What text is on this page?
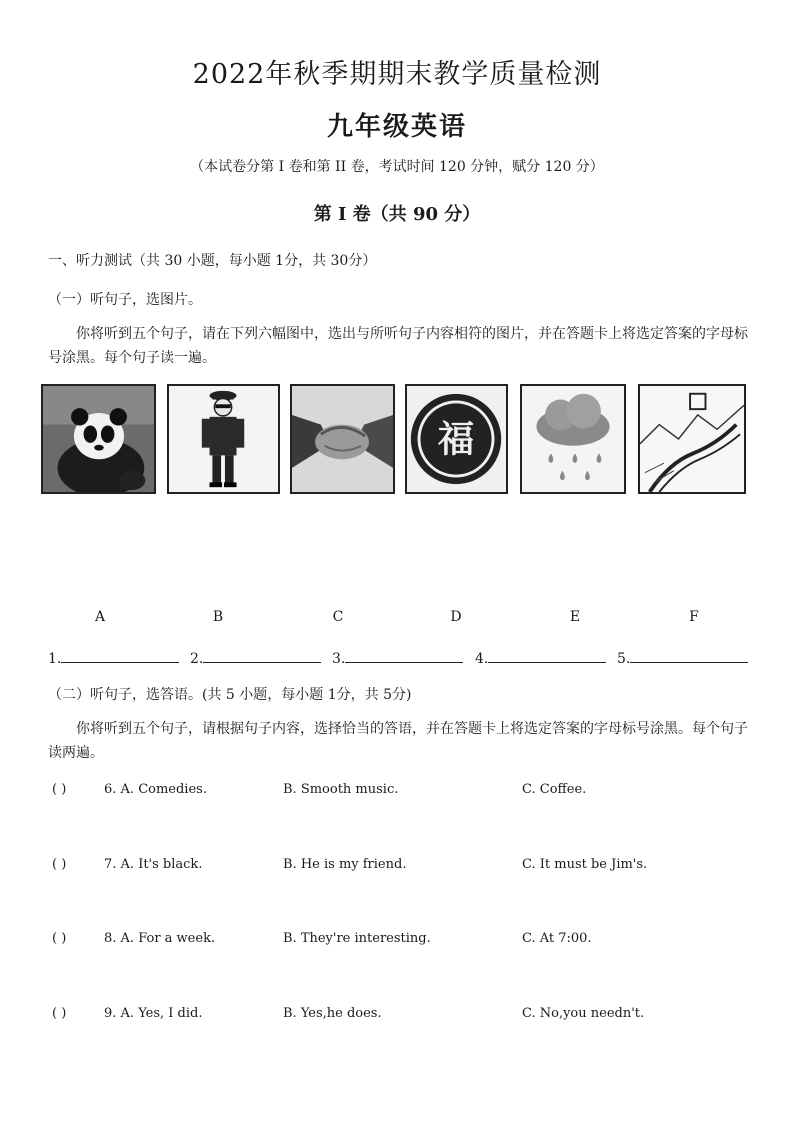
2022年秋季期期末教学质量检测
九年级英语
（本试卷分第 I 卷和第 II 卷，考试时间 120 分钟，赋分 120 分）
第 I 卷（共 90 分）
一、听力测试（共 30 小题，每小题 1分，共 30分）
（一）听句子，选图片。
你将听到五个句子，请在下列六幅图中，选出与所听句子内容相符的图片，并在答题卡上将选定答案的字母标号涂黑。每个句子读一遍。
福
A	B	C	D	E	F
1.	2.	3.	4.	5.
（二）听句子，选答语。(共 5 小题，每小题 1分，共 5分)
你将听到五个句子，请根据句子内容，选择恰当的答语，并在答题卡上将选定答案的字母标号涂黑。每个句子读两遍。
( )	6. A. Comedies.	B. Smooth music.	C. Coffee.
( )	7. A. It's black.	B. He is my friend.	C. It must be Jim's.
( )	8. A. For a week.	B. They're interesting.	C. At 7:00.
( )	9. A. Yes, I did.	B. Yes,he does.	C. No,you needn't.
